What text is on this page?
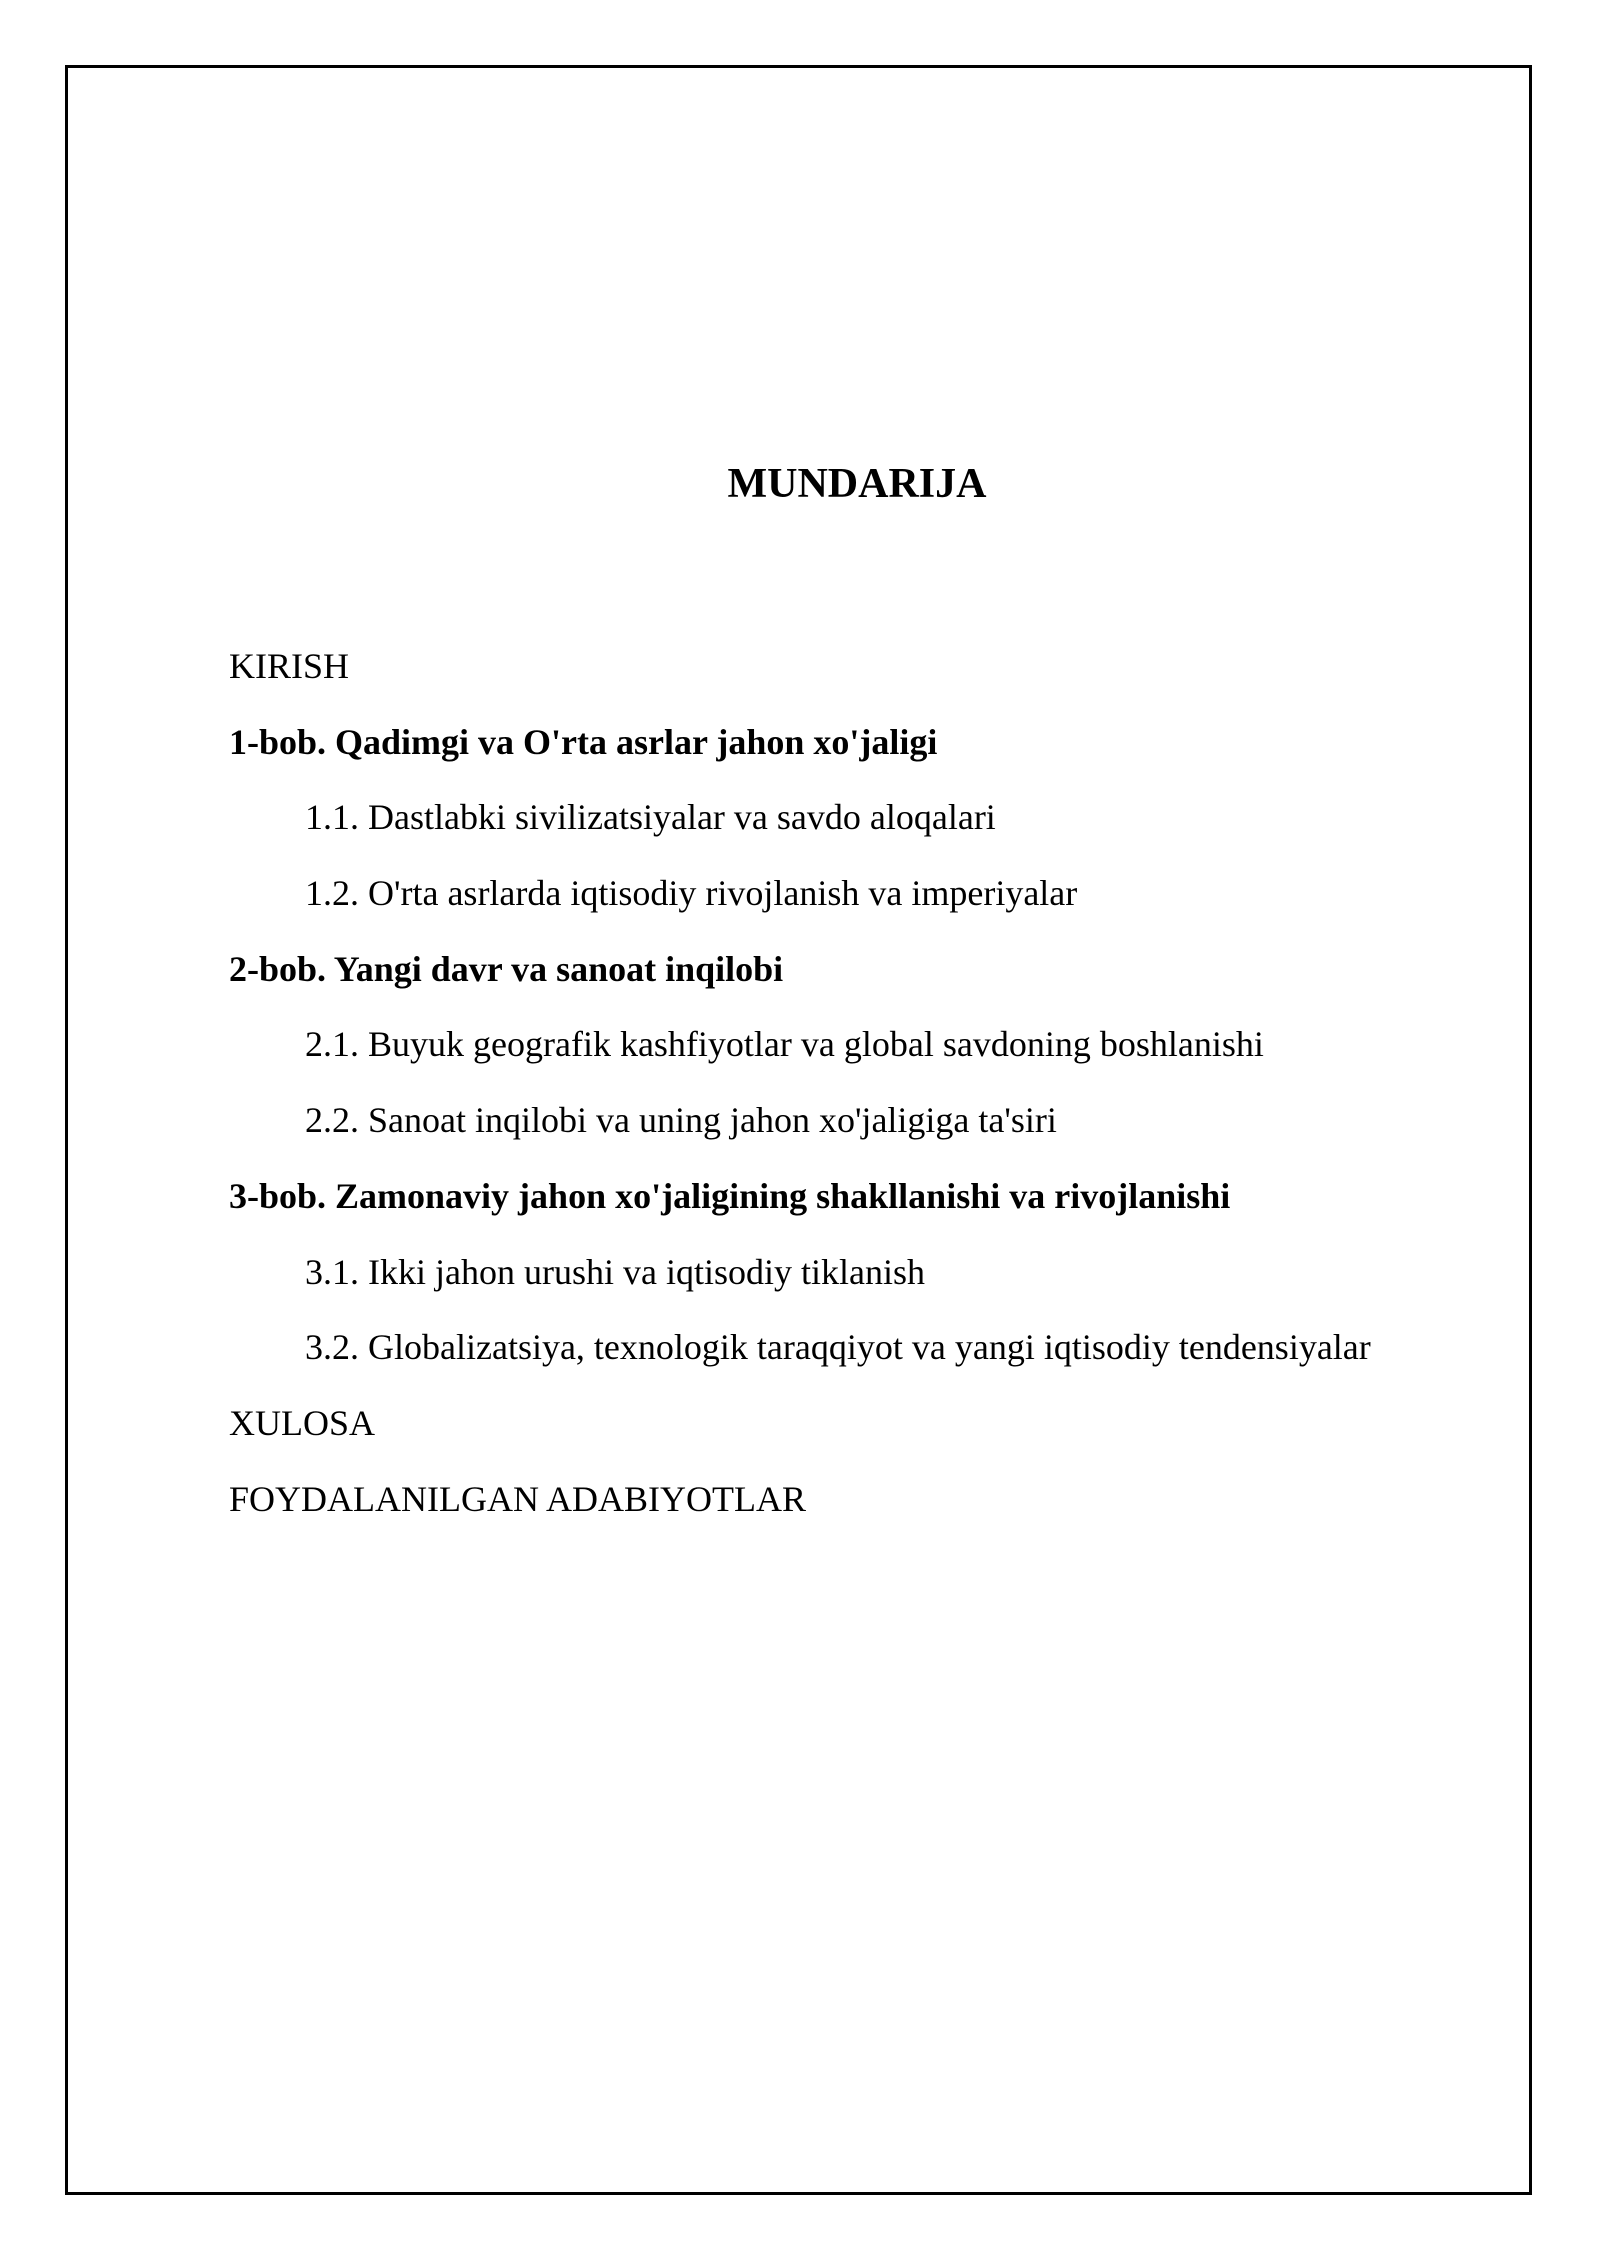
MUNDARIJA
KIRISH
1-bob. Qadimgi va O'rta asrlar jahon xo'jaligi
1.1. Dastlabki sivilizatsiyalar va savdo aloqalari
1.2. O'rta asrlarda iqtisodiy rivojlanish va imperiyalar
2-bob. Yangi davr va sanoat inqilobi
2.1. Buyuk geografik kashfiyotlar va global savdoning boshlanishi
2.2. Sanoat inqilobi va uning jahon xo'jaligiga ta'siri
3-bob. Zamonaviy jahon xo'jaligining shakllanishi va rivojlanishi
3.1. Ikki jahon urushi va iqtisodiy tiklanish
3.2. Globalizatsiya, texnologik taraqqiyot va yangi iqtisodiy tendensiyalar
XULOSA
FOYDALANILGAN ADABIYOTLAR
